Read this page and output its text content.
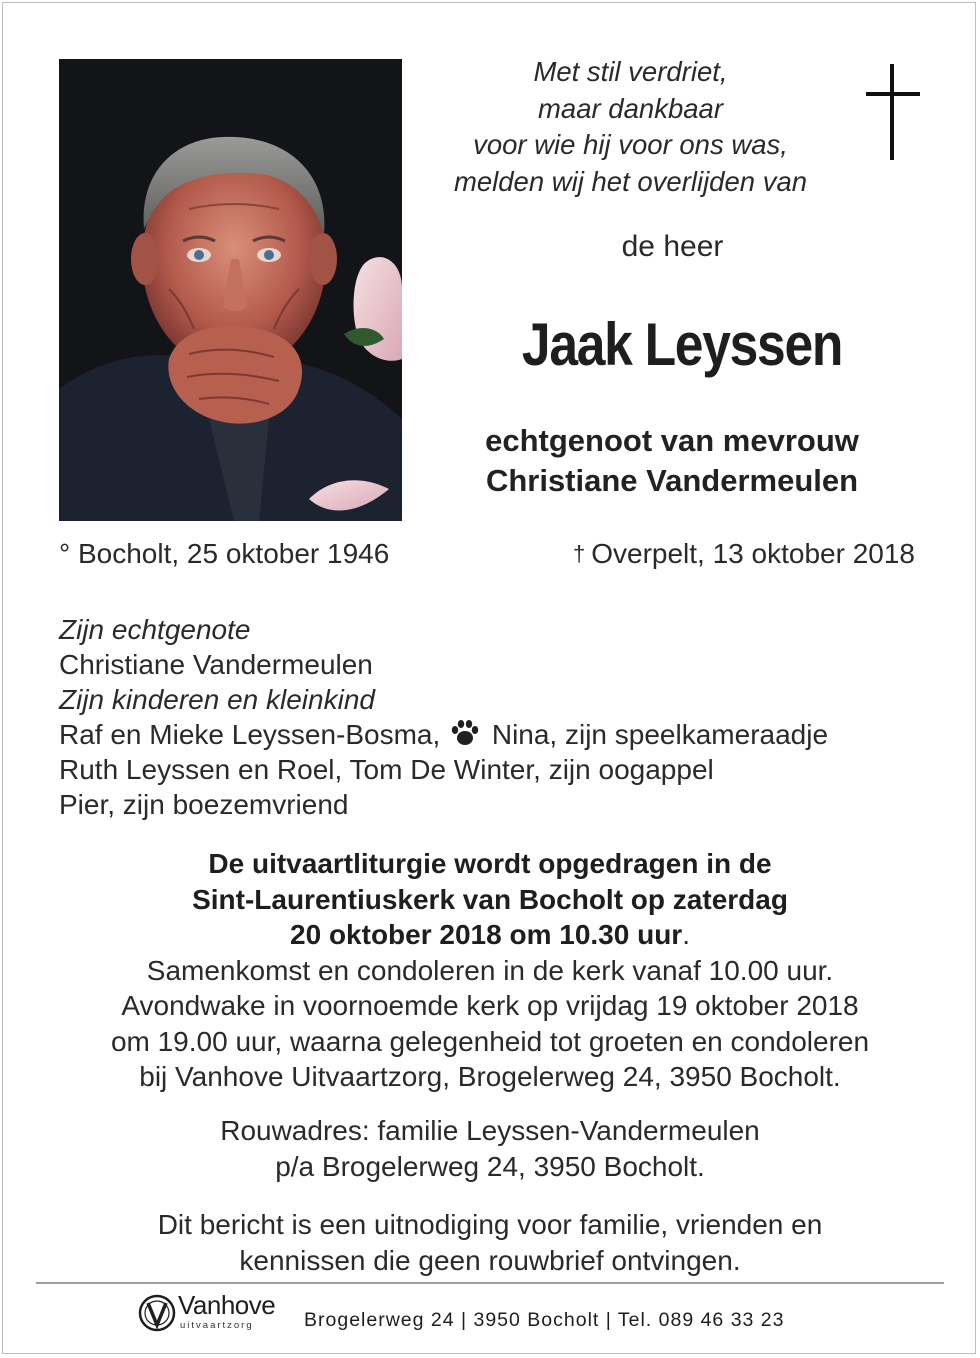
Met stil verdriet,
maar dankbaar
voor wie hij voor ons was,
melden wij het overlijden van
de heer
Jaak Leyssen
echtgenoot van mevrouw
Christiane Vandermeulen
° Bocholt, 25 oktober 1946	† Overpelt, 13 oktober 2018
Zijn echtgenote
Christiane Vandermeulen
Zijn kinderen en kleinkind
Raf en Mieke Leyssen-Bosma, Nina, zijn speelkameraadje
Ruth Leyssen en Roel, Tom De Winter, zijn oogappel
Pier, zijn boezemvriend
De uitvaartliturgie wordt opgedragen in de
Sint-Laurentiuskerk van Bocholt op zaterdag
20 oktober 2018 om 10.30 uur.
Samenkomst en condoleren in de kerk vanaf 10.00 uur.
Avondwake in voornoemde kerk op vrijdag 19 oktober 2018
om 19.00 uur, waarna gelegenheid tot groeten en condoleren
bij Vanhove Uitvaartzorg, Brogelerweg 24, 3950 Bocholt.
Rouwadres: familie Leyssen-Vandermeulen
p/a Brogelerweg 24, 3950 Bocholt.
Dit bericht is een uitnodiging voor familie, vrienden en
kennissen die geen rouwbrief ontvingen.
Vanhove
uitvaartzorg	Brogelerweg 24 | 3950 Bocholt | Tel. 089 46 33 23
